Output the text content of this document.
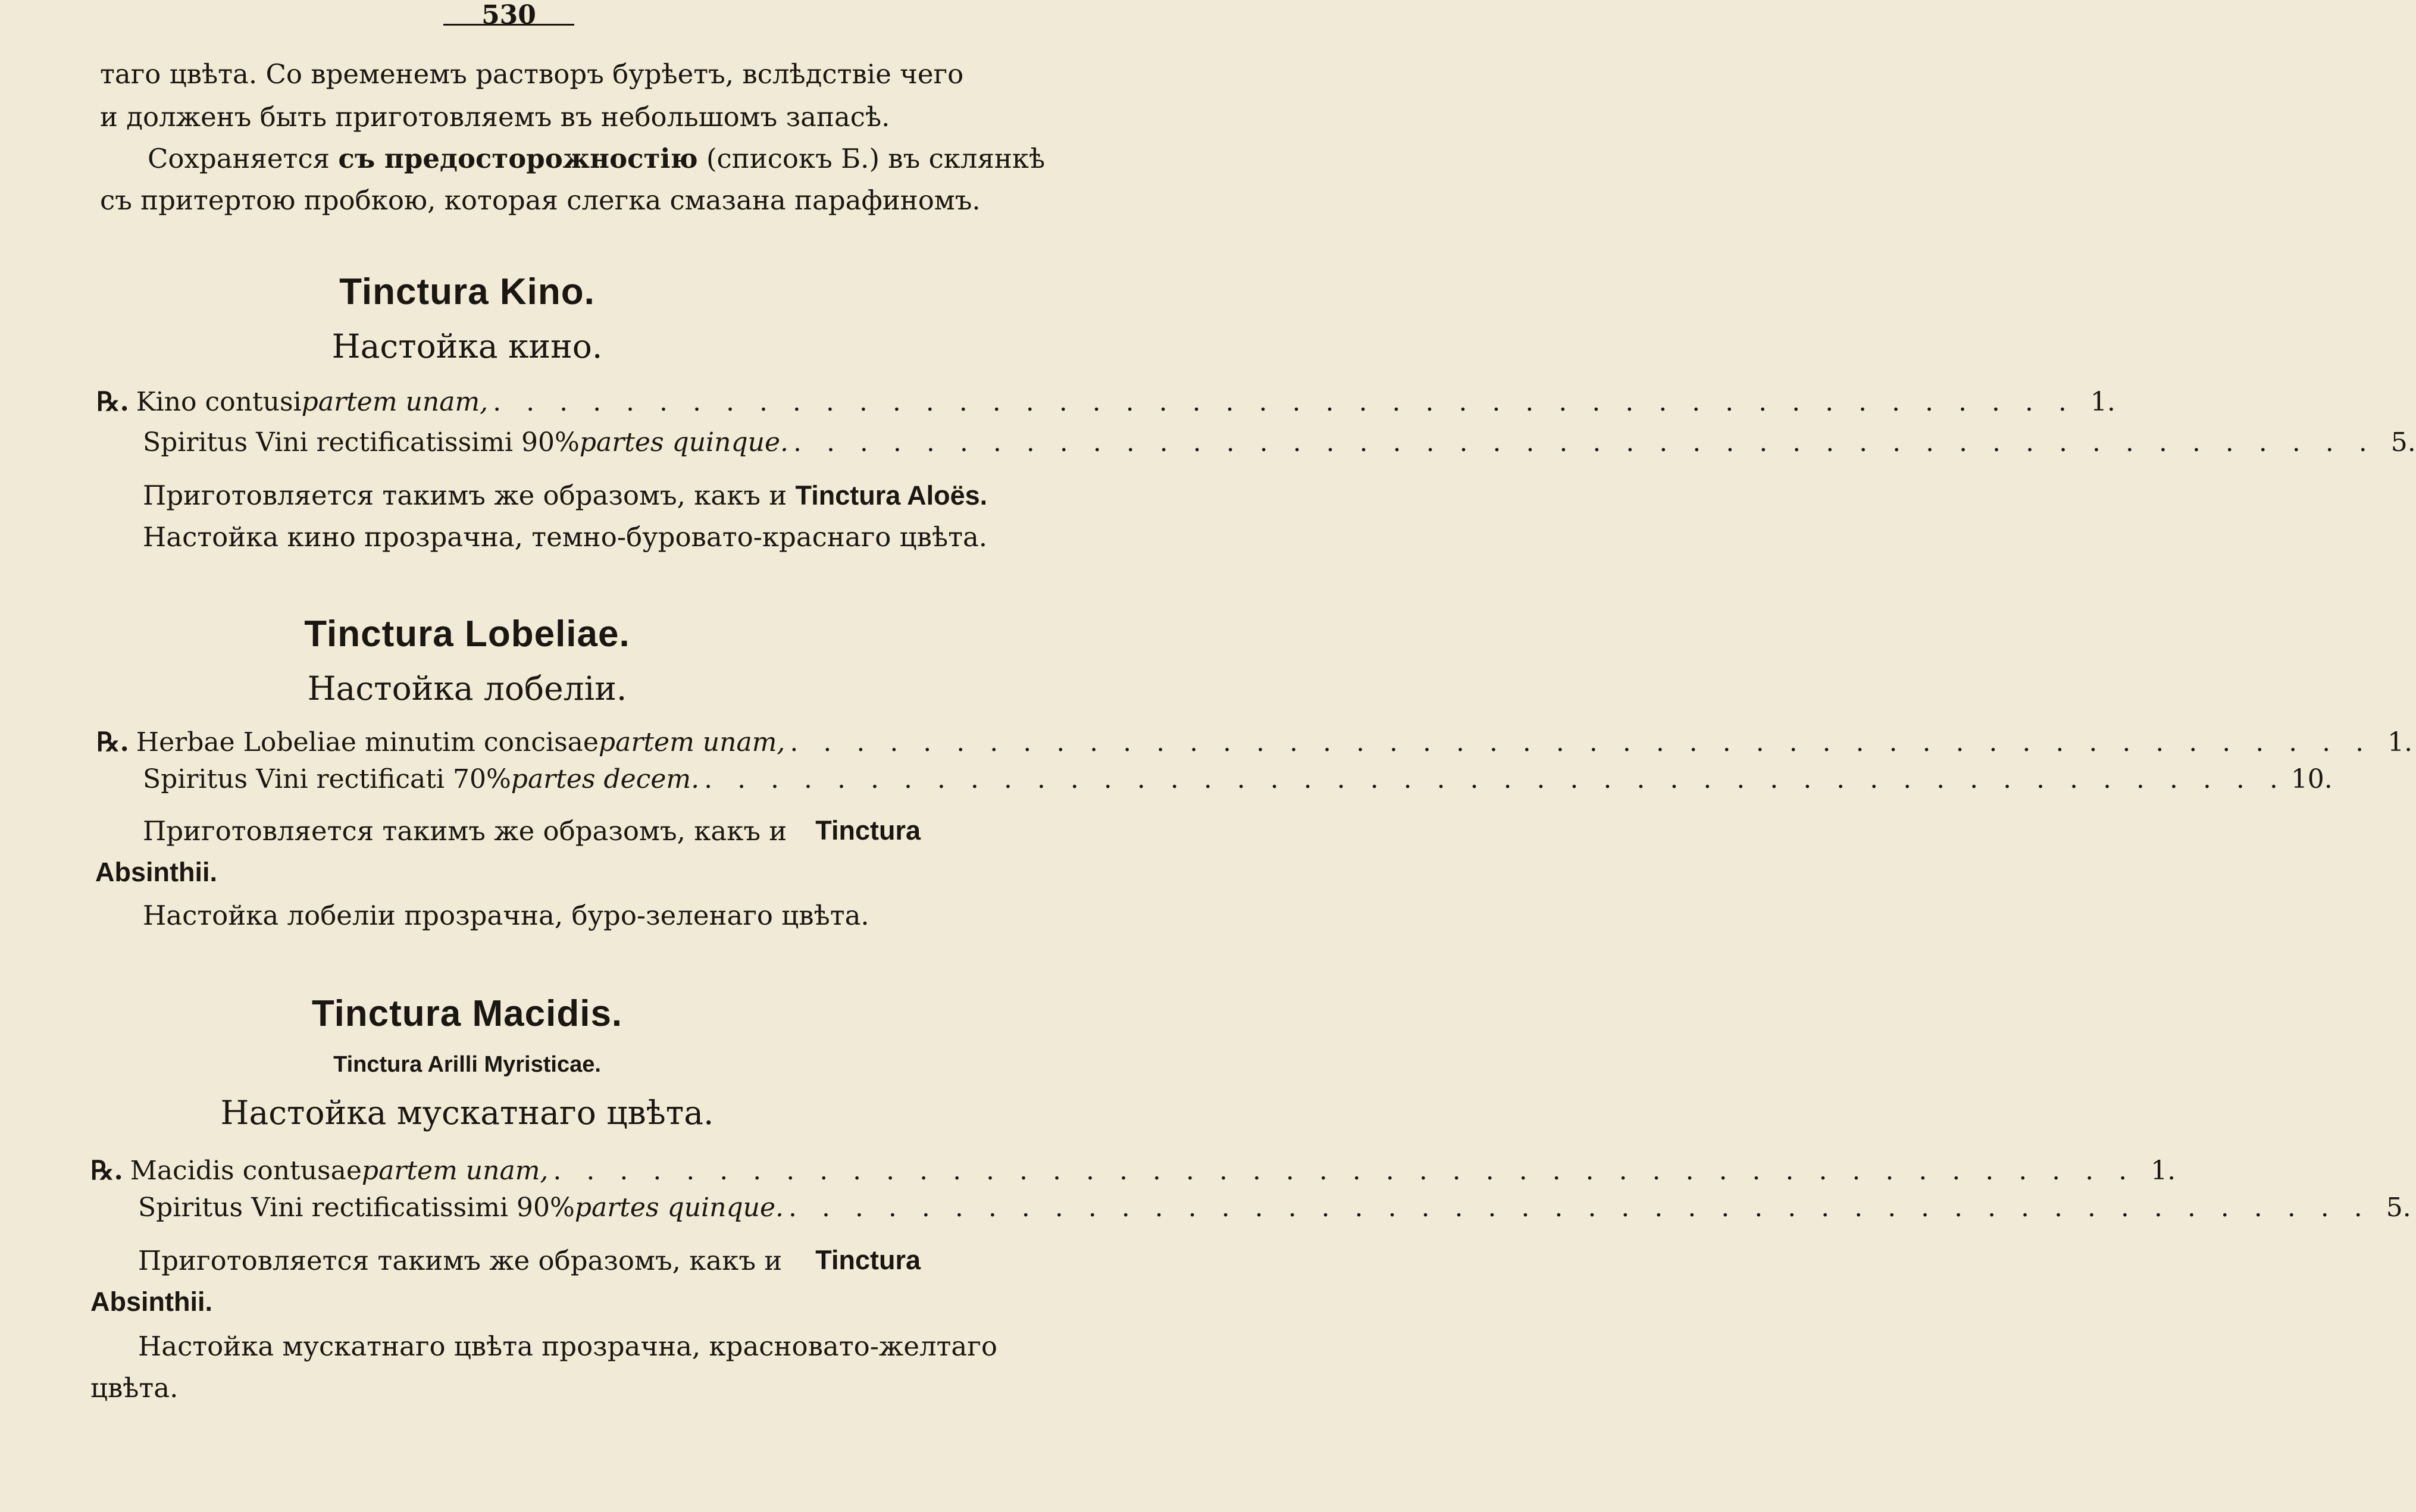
530
таго цвѣта. Со временемъ растворъ бурѣетъ, вслѣдствіе чего
и долженъ быть приготовляемъ въ небольшомъ запасѣ.
Сохраняется съ предосторожностію (списокъ Б.) въ склянкѣ
съ притертою пробкою, которая слегка смазана парафиномъ.
Tinctura Kino.
Настойка кино.
℞. Kino contusi partem unam, . . .	1.
Spiritus Vini rectificatissimi 90% partes quinque. . . .	5.
Приготовляется такимъ же образомъ, какъ и Tinctura Aloës.
Настойка кино прозрачна, темно-буровато-краснаго цвѣта.
Tinctura Lobeliae.
Настойка лобеліи.
℞. Herbae Lobeliae minutim concisae partem unam, . . .	1.
Spiritus Vini rectificati 70% partes decem. . . .	10.
Приготовляется такимъ же образомъ, какъ и Tinctura
Absinthii.
Настойка лобеліи прозрачна, буро-зеленаго цвѣта.
Tinctura Macidis.
Tinctura Arilli Myristicae.
Настойка мускатнаго цвѣта.
℞. Macidis contusae partem unam, . . .	1.
Spiritus Vini rectificatissimi 90% partes quinque. . . .	5.
Приготовляется такимъ же образомъ, какъ и Tinctura
Absinthii.
Настойка мускатнаго цвѣта прозрачна, красновато-желтаго
цвѣта.
